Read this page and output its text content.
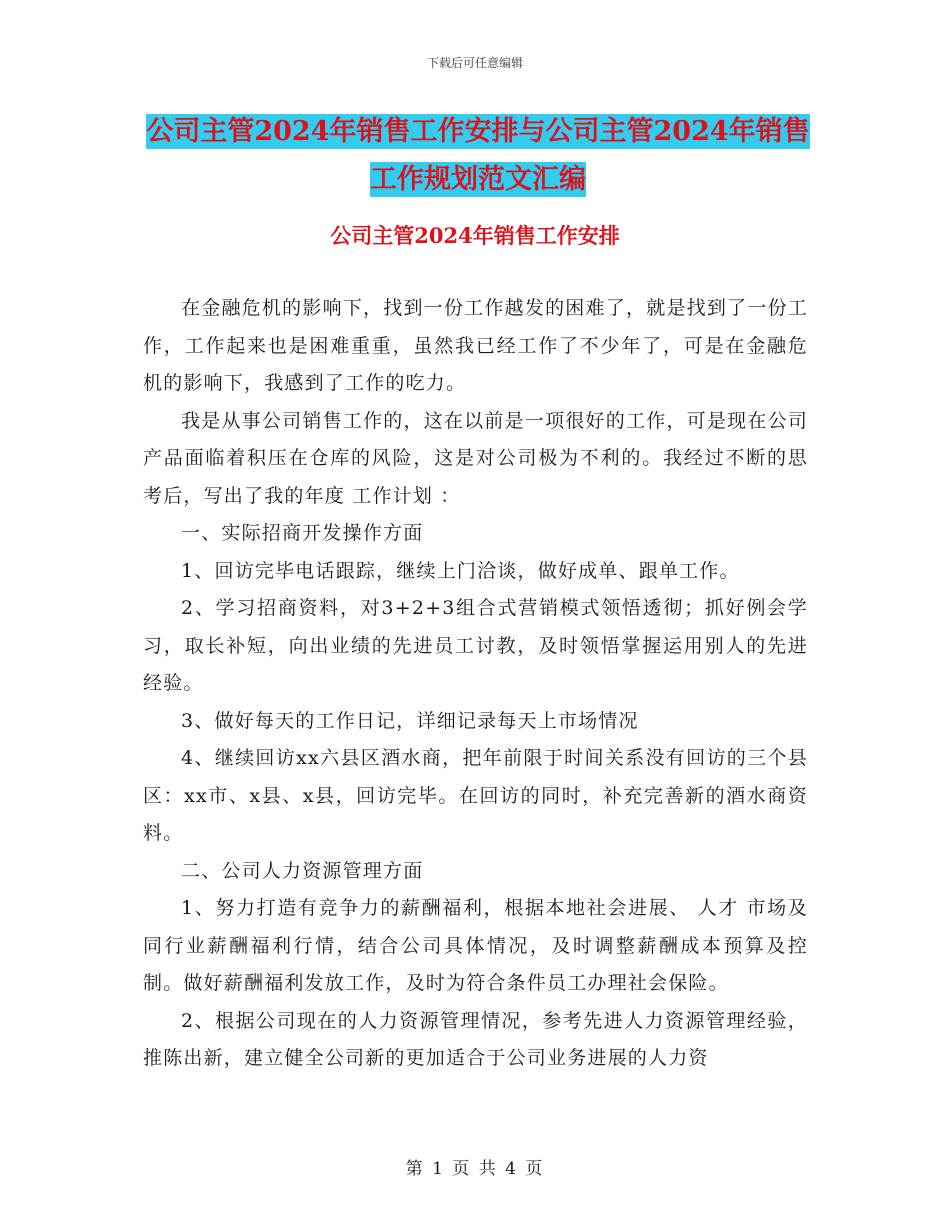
下载后可任意编辑
公司主管2024年销售工作安排与公司主管2024年销售工作规划范文汇编
公司主管2024年销售工作安排

在金融危机的影响下，找到一份工作越发的困难了，就是找到了一份工作，工作起来也是困难重重，虽然我已经工作了不少年了，可是在金融危机的影响下，我感到了工作的吃力。

我是从事公司销售工作的，这在以前是一项很好的工作，可是现在公司产品面临着积压在仓库的风险，这是对公司极为不利的。我经过不断的思考后，写出了我的年度 工作计划 ：

一、实际招商开发操作方面

1、回访完毕电话跟踪，继续上门洽谈，做好成单、跟单工作。

2、学习招商资料，对3+2+3组合式营销模式领悟透彻；抓好例会学习，取长补短，向出业绩的先进员工讨教，及时领悟掌握运用别人的先进经验。

3、做好每天的工作日记，详细记录每天上市场情况

4、继续回访xx六县区酒水商，把年前限于时间关系没有回访的三个县区：xx市、x县、x县，回访完毕。在回访的同时，补充完善新的酒水商资料。

二、公司人力资源管理方面

1、努力打造有竞争力的薪酬福利，根据本地社会进展、 人才 市场及同行业薪酬福利行情，结合公司具体情况，及时调整薪酬成本预算及控制。做好薪酬福利发放工作，及时为符合条件员工办理社会保险。

2、根据公司现在的人力资源管理情况，参考先进人力资源管理经验，推陈出新，建立健全公司新的更加适合于公司业务进展的人力资

第 1 页 共 4 页
